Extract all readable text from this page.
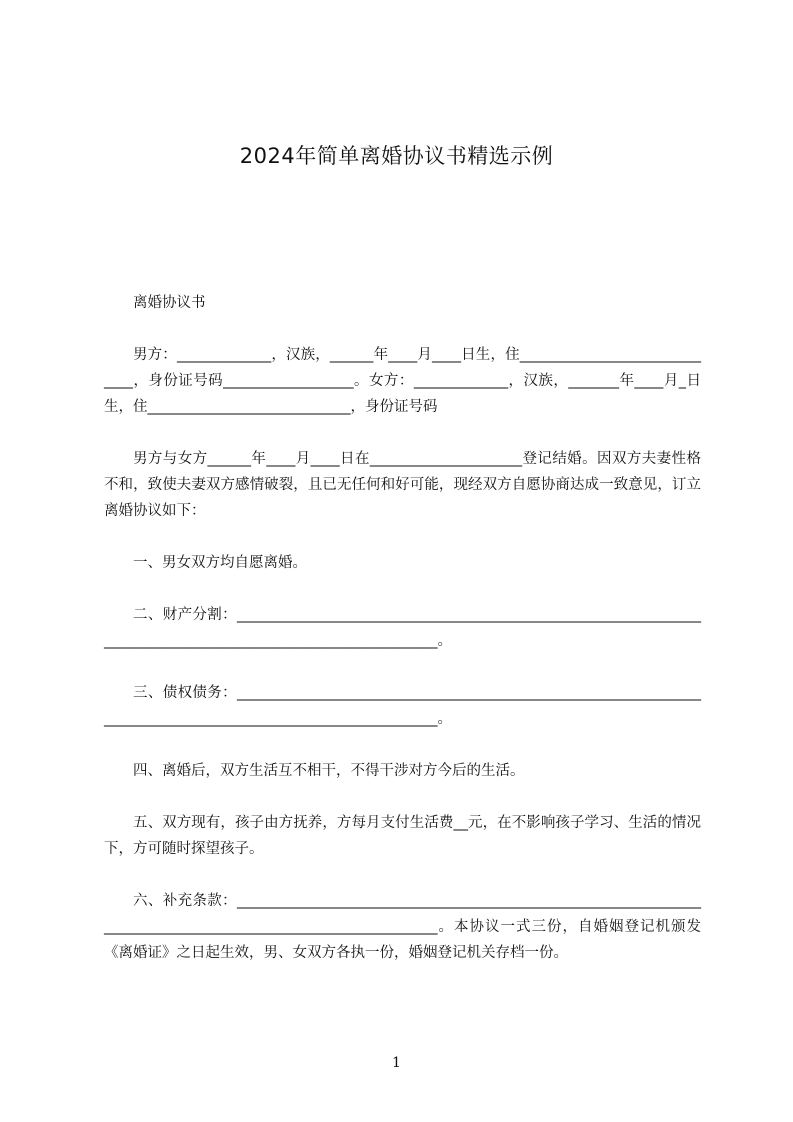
2024年简单离婚协议书精选示例

离婚协议书

男方：_____________，汉族，______年____月____日生，住_____________________________，身份证号码__________________。女方：_____________，汉族，_______年____月_日生，住____________________________，身份证号码

男方与女方______年____月____日在_____________________登记结婚。因双方夫妻性格不和，致使夫妻双方感情破裂，且已无任何和好可能，现经双方自愿协商达成一致意见，订立离婚协议如下：

一、男女双方均自愿离婚。

二、财产分割：______________________________________________________________________________________________________________。

三、债权债务：______________________________________________________________________________________________________________。

四、离婚后，双方生活互不相干，不得干涉对方今后的生活。

五、双方现有，孩子由方抚养，方每月支付生活费__元，在不影响孩子学习、生活的情况下，方可随时探望孩子。

六、补充条款：______________________________________________________________________________________________________________。本协议一式三份，自婚姻登记机颁发《离婚证》之日起生效，男、女双方各执一份，婚姻登记机关存档一份。

1
